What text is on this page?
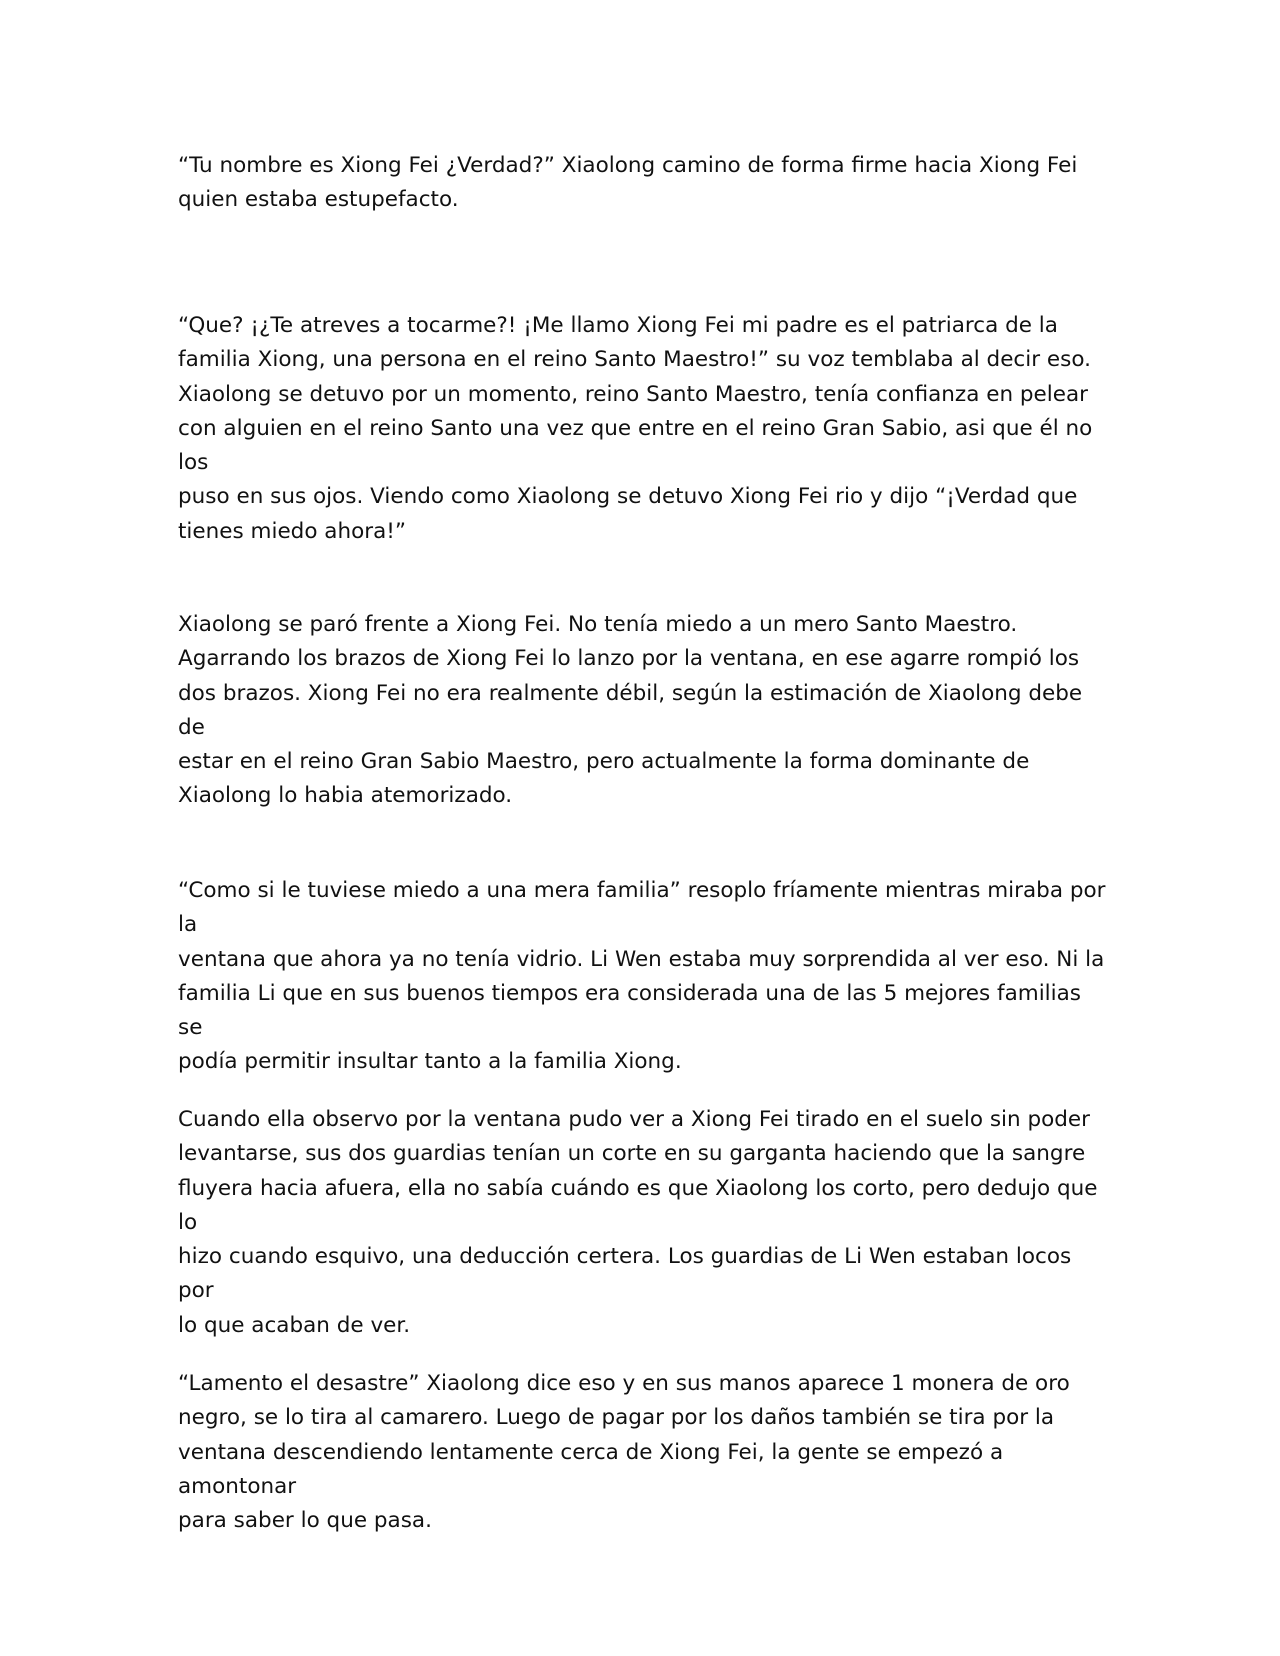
“Tu nombre es Xiong Fei ¿Verdad?” Xiaolong camino de forma firme hacia Xiong Fei
quien estaba estupefacto.

“Que? ¡¿Te atreves a tocarme?! ¡Me llamo Xiong Fei mi padre es el patriarca de la
familia Xiong, una persona en el reino Santo Maestro!” su voz temblaba al decir eso.
Xiaolong se detuvo por un momento, reino Santo Maestro, tenía confianza en pelear
con alguien en el reino Santo una vez que entre en el reino Gran Sabio, asi que él no los
puso en sus ojos. Viendo como Xiaolong se detuvo Xiong Fei rio y dijo “¡Verdad que
tienes miedo ahora!”

Xiaolong se paró frente a Xiong Fei. No tenía miedo a un mero Santo Maestro.
Agarrando los brazos de Xiong Fei lo lanzo por la ventana, en ese agarre rompió los
dos brazos. Xiong Fei no era realmente débil, según la estimación de Xiaolong debe de
estar en el reino Gran Sabio Maestro, pero actualmente la forma dominante de
Xiaolong lo habia atemorizado.

“Como si le tuviese miedo a una mera familia” resoplo fríamente mientras miraba por la
ventana que ahora ya no tenía vidrio. Li Wen estaba muy sorprendida al ver eso. Ni la
familia Li que en sus buenos tiempos era considerada una de las 5 mejores familias se
podía permitir insultar tanto a la familia Xiong.

Cuando ella observo por la ventana pudo ver a Xiong Fei tirado en el suelo sin poder
levantarse, sus dos guardias tenían un corte en su garganta haciendo que la sangre
fluyera hacia afuera, ella no sabía cuándo es que Xiaolong los corto, pero dedujo que lo
hizo cuando esquivo, una deducción certera. Los guardias de Li Wen estaban locos por
lo que acaban de ver.

“Lamento el desastre” Xiaolong dice eso y en sus manos aparece 1 monera de oro
negro, se lo tira al camarero. Luego de pagar por los daños también se tira por la
ventana descendiendo lentamente cerca de Xiong Fei, la gente se empezó a amontonar
para saber lo que pasa.
